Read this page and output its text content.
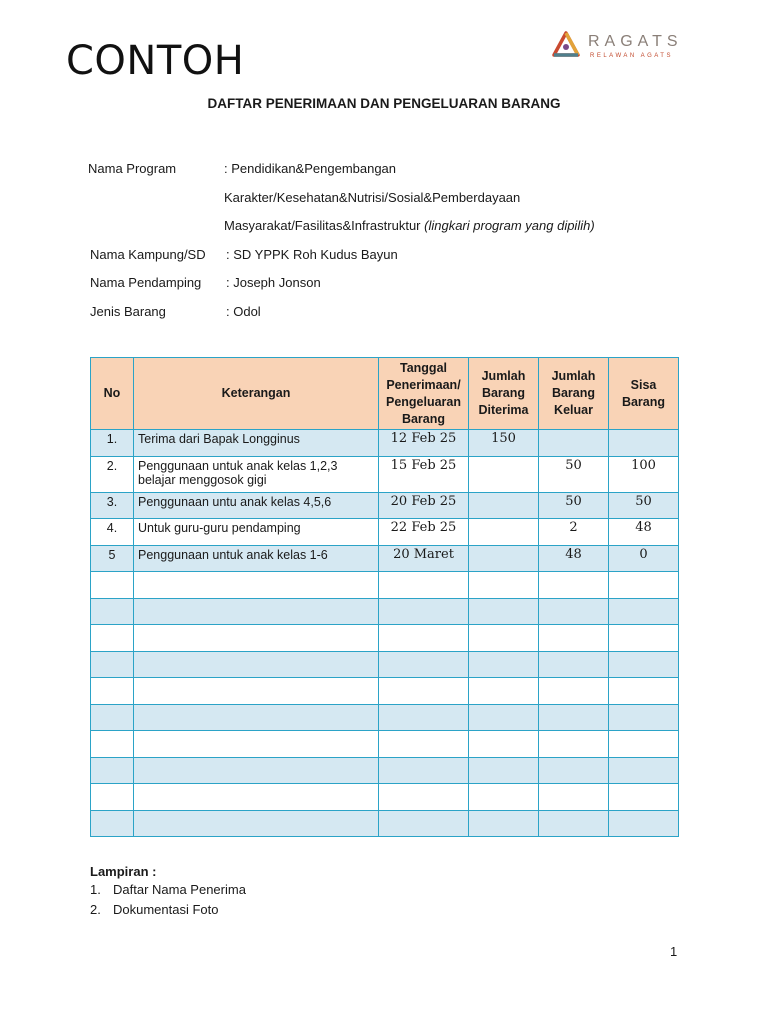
CONTOH	RAGATS
RELAWAN AGATS
DAFTAR PENERIMAAN DAN PENGELUARAN BARANG
Nama Program	: Pendidikan&Pengembangan
Karakter/Kesehatan&Nutrisi/Sosial&Pemberdayaan
Masyarakat/Fasilitas&Infrastruktur (lingkari program yang dipilih)
Nama Kampung/SD : SD YPPK Roh Kudus Bayun
Nama Pendamping : Joseph Jonson
Jenis Barang	: Odol
No	Keterangan	Tanggal Penerimaan/ Pengeluaran Barang	Jumlah Barang Diterima	Jumlah Barang Keluar	Sisa Barang
1.	Terima dari Bapak Longginus	12 Feb 25	150		
2.	Penggunaan untuk anak kelas 1,2,3 belajar menggosok gigi	15 Feb 25		50	100
3.	Penggunaan untu anak kelas 4,5,6	20 Feb 25		50	50
4.	Untuk guru-guru pendamping	22 Feb 25		2	48
5	Penggunaan untuk anak kelas 1-6	20 Maret		48	0

Lampiran :
1. Daftar Nama Penerima
2. Dokumentasi Foto
1
